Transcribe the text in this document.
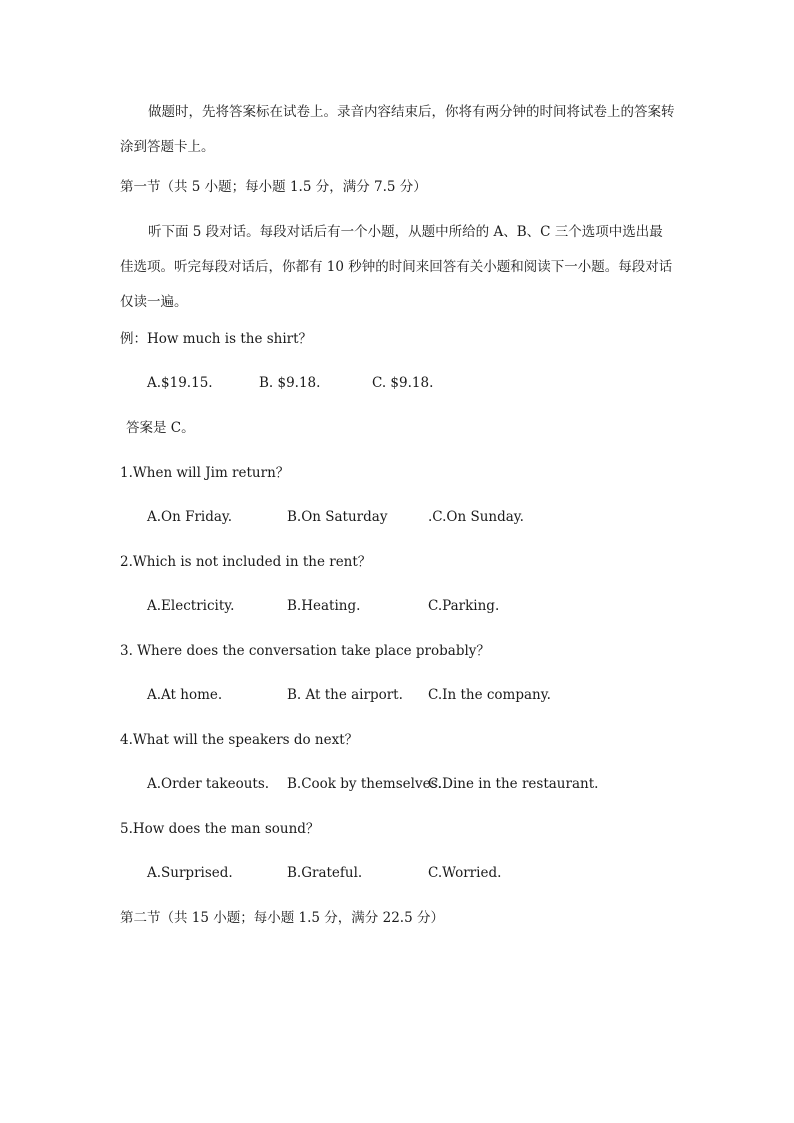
做题时，先将答案标在试卷上。录音内容结束后，你将有两分钟的时间将试卷上的答案转涂到答题卡上。
第一节（共 5 小题；每小题 1.5 分，满分 7.5 分）
听下面 5 段对话。每段对话后有一个小题，从题中所给的 A、B、C 三个选项中选出最佳选项。听完每段对话后，你都有 10 秒钟的时间来回答有关小题和阅读下一小题。每段对话仅读一遍。
例：How much is the shirt？
A.$19.15.	B. $9.18.	C. $9.18.
答案是 C。
1.When will Jim return？
A.On Friday.	B.On Saturday	.C.On Sunday.
2.Which is not included in the rent？
A.Electricity.	B.Heating.	C.Parking.
3. Where does the conversation take place probably？
A.At home.	B. At the airport. C.In the company.
4.What will the speakers do next？
A.Order takeouts. B.Cook by themselves.
C.Dine in the restaurant.
5.How does the man sound？
A.Surprised.	B.Grateful.	C.Worried.
第二节（共 15 小题；每小题 1.5 分，满分 22.5 分）
